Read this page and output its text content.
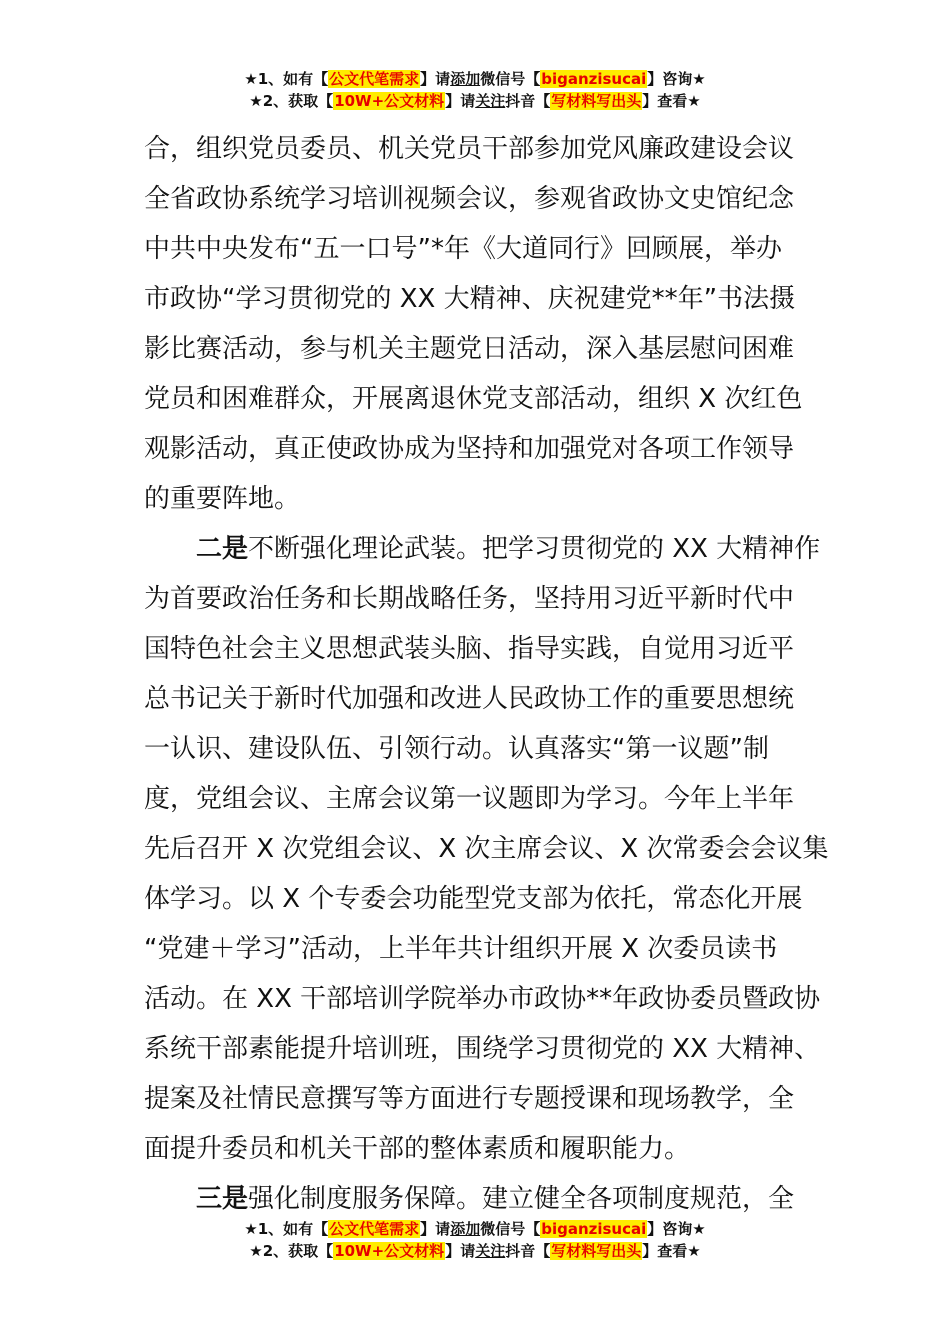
★1、如有【公文代笔需求】请添加微信号【biganzisucai】咨询★
★2、获取【10W+公文材料】请关注抖音【写材料写出头】查看★
合，组织党员委员、机关党员干部参加党风廉政建设会议
全省政协系统学习培训视频会议，参观省政协文史馆纪念
中共中央发布“五一口号”*年《大道同行》回顾展，举办
市政协“学习贯彻党的 XX 大精神、庆祝建党**年”书法摄
影比赛活动，参与机关主题党日活动，深入基层慰问困难
党员和困难群众，开展离退休党支部活动，组织 X 次红色
观影活动，真正使政协成为坚持和加强党对各项工作领导
的重要阵地。
二是不断强化理论武装。把学习贯彻党的 XX 大精神作
为首要政治任务和长期战略任务，坚持用习近平新时代中
国特色社会主义思想武装头脑、指导实践，自觉用习近平
总书记关于新时代加强和改进人民政协工作的重要思想统
一认识、建设队伍、引领行动。认真落实“第一议题”制
度，党组会议、主席会议第一议题即为学习。今年上半年
先后召开 X 次党组会议、X 次主席会议、X 次常委会会议集
体学习。以 X 个专委会功能型党支部为依托，常态化开展
“党建＋学习”活动，上半年共计组织开展 X 次委员读书
活动。在 XX 干部培训学院举办市政协**年政协委员暨政协
系统干部素能提升培训班，围绕学习贯彻党的 XX 大精神、
提案及社情民意撰写等方面进行专题授课和现场教学，全
面提升委员和机关干部的整体素质和履职能力。
三是强化制度服务保障。建立健全各项制度规范，全
★1、如有【公文代笔需求】请添加微信号【biganzisucai】咨询★
★2、获取【10W+公文材料】请关注抖音【写材料写出头】查看★
